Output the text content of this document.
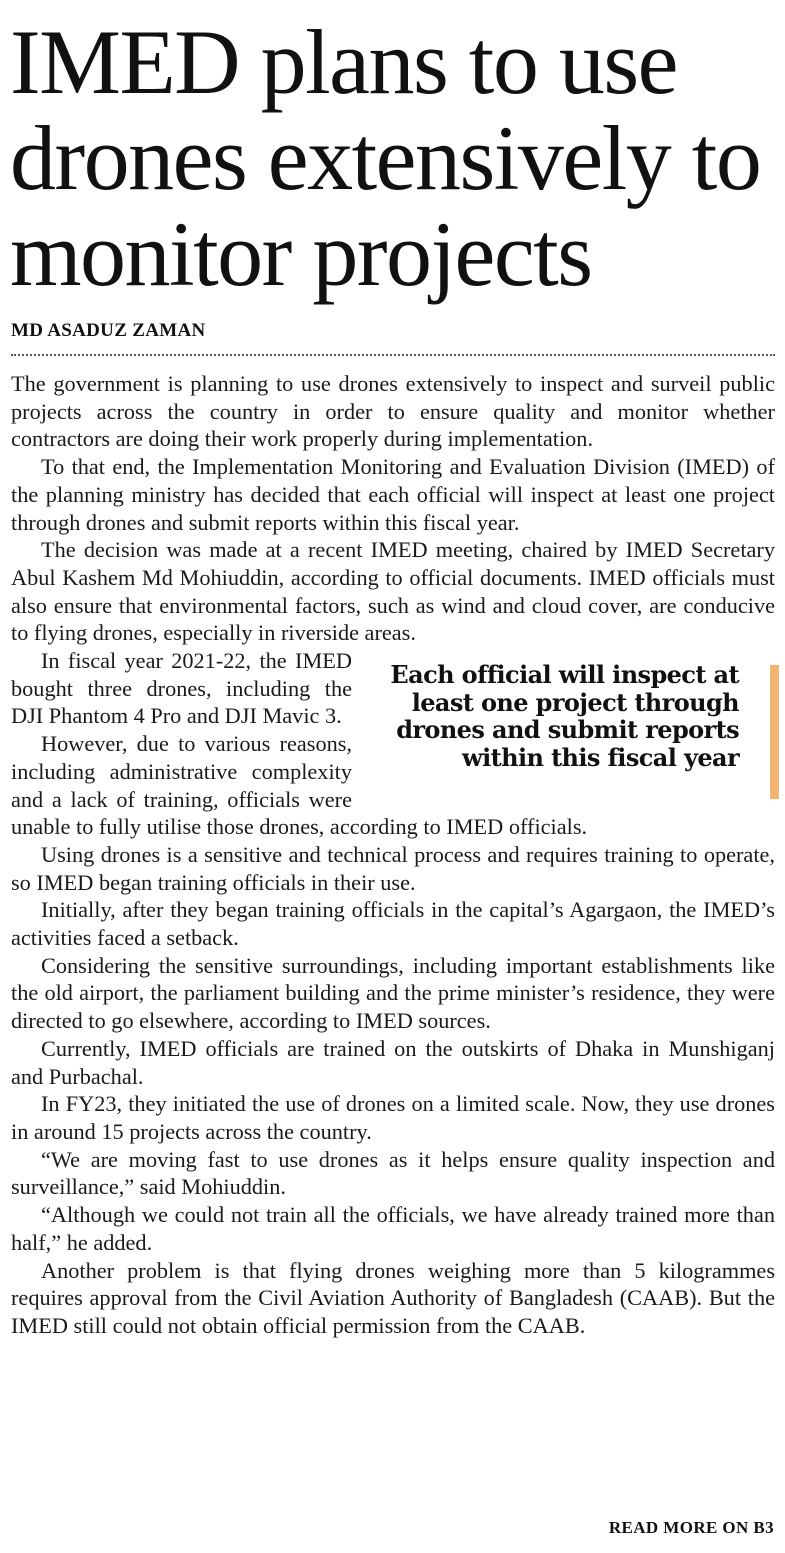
IMED plans to use drones extensively to monitor projects
MD ASADUZ ZAMAN

The government is planning to use drones extensively to inspect and surveil public projects across the country in order to ensure quality and monitor whether contractors are doing their work properly during implementation.

To that end, the Implementation Monitoring and Evaluation Division (IMED) of the planning ministry has decided that each official will inspect at least one project through drones and submit reports within this fiscal year.

The decision was made at a recent IMED meeting, chaired by IMED Secretary Abul Kashem Md Mohiuddin, according to official documents. IMED officials must also ensure that environmental factors, such as wind and cloud cover, are conducive to flying drones, especially in riverside areas.

Each official will inspect at least one project through drones and submit reports within this fiscal year

In fiscal year 2021-22, the IMED bought three drones, including the DJI Phantom 4 Pro and DJI Mavic 3.

However, due to various reasons, including administrative complexity and a lack of training, officials were unable to fully utilise those drones, according to IMED officials.

Using drones is a sensitive and technical process and requires training to operate, so IMED began training officials in their use.

Initially, after they began training officials in the capital’s Agargaon, the IMED’s activities faced a setback.

Considering the sensitive surroundings, including important establishments like the old airport, the parliament building and the prime minister’s residence, they were directed to go elsewhere, according to IMED sources.

Currently, IMED officials are trained on the outskirts of Dhaka in Munshiganj and Purbachal.

In FY23, they initiated the use of drones on a limited scale. Now, they use drones in around 15 projects across the country.

“We are moving fast to use drones as it helps ensure quality inspection and surveillance,” said Mohiuddin.

“Although we could not train all the officials, we have already trained more than half,” he added.

Another problem is that flying drones weighing more than 5 kilogrammes requires approval from the Civil Aviation Authority of Bangladesh (CAAB). But the IMED still could not obtain official permission from the CAAB.

READ MORE ON B3
